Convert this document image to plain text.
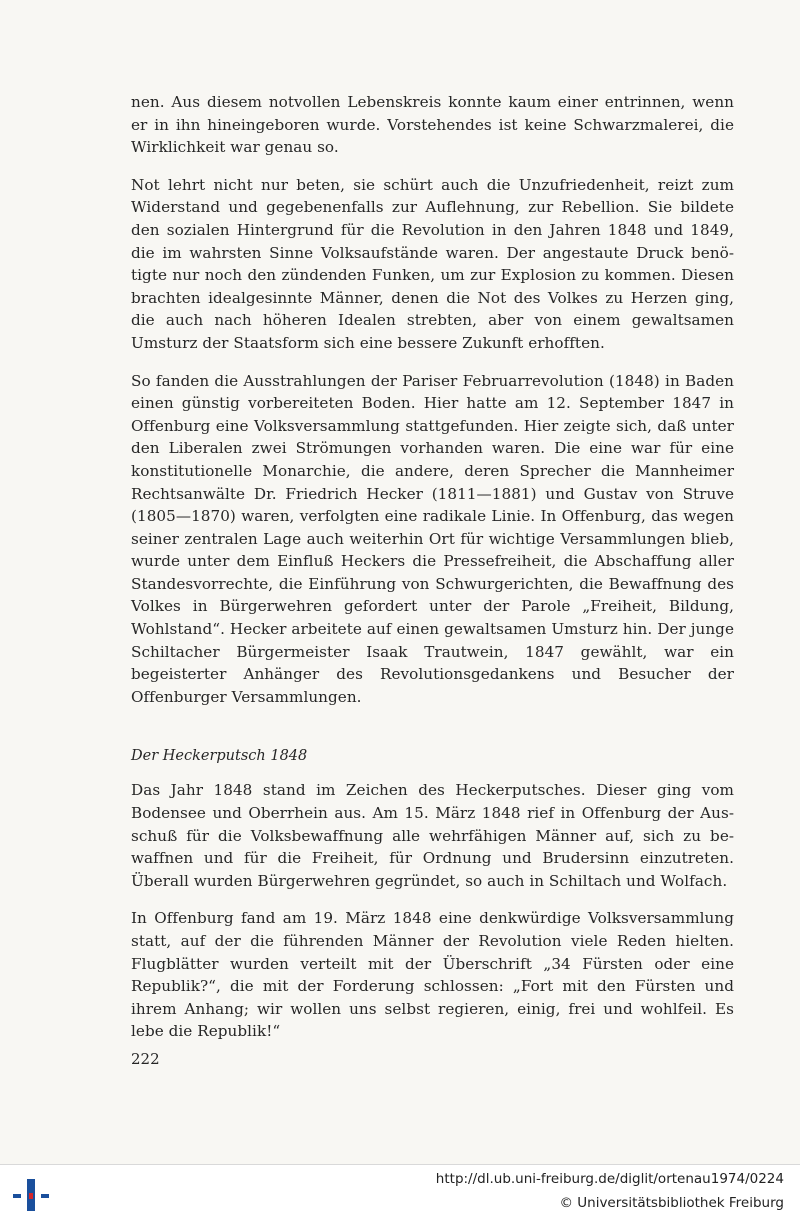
nen. Aus diesem notvollen Lebenskreis konnte kaum einer entrinnen, wenn er in ihn hineingeboren wurde. Vorstehendes ist keine Schwarzmalerei, die Wirklichkeit war genau so.

Not lehrt nicht nur beten, sie schürt auch die Unzufriedenheit, reizt zum Widerstand und gegebenenfalls zur Auflehnung, zur Rebellion. Sie bildete den sozialen Hintergrund für die Revolution in den Jahren 1848 und 1849, die im wahrsten Sinne Volksaufstände waren. Der angestaute Druck benötigte nur noch den zündenden Funken, um zur Explosion zu kommen. Diesen brachten idealgesinnte Männer, denen die Not des Volkes zu Herzen ging, die auch nach höheren Idealen strebten, aber von einem gewaltsamen Umsturz der Staatsform sich eine bessere Zukunft erhofften.

So fanden die Ausstrahlungen der Pariser Februarrevolution (1848) in Baden einen günstig vorbereiteten Boden. Hier hatte am 12. September 1847 in Offenburg eine Volksversammlung stattgefunden. Hier zeigte sich, daß unter den Liberalen zwei Strömungen vorhanden waren. Die eine war für eine konstitutionelle Monarchie, die andere, deren Sprecher die Mannheimer Rechtsanwälte Dr. Friedrich Hecker (1811—1881) und Gustav von Struve (1805—1870) waren, verfolgten eine radikale Linie. In Offenburg, das wegen seiner zentralen Lage auch weiterhin Ort für wichtige Versammlungen blieb, wurde unter dem Einfluß Heckers die Pressefreiheit, die Abschaffung aller Standesvorrechte, die Einführung von Schwurgerichten, die Bewaffnung des Volkes in Bürgerwehren gefordert unter der Parole „Freiheit, Bildung, Wohlstand“. Hecker arbeitete auf einen gewaltsamen Umsturz hin. Der junge Schiltacher Bürgermeister Isaak Trautwein, 1847 gewählt, war ein begeisterter Anhänger des Revolutionsgedankens und Besucher der Offenburger Versammlungen.

Der Heckerputsch 1848

Das Jahr 1848 stand im Zeichen des Heckerputsches. Dieser ging vom Bodensee und Oberrhein aus. Am 15. März 1848 rief in Offenburg der Ausschuß für die Volksbewaffnung alle wehrfähigen Männer auf, sich zu bewaffnen und für die Freiheit, für Ordnung und Brudersinn einzutreten. Überall wurden Bürgerwehren gegründet, so auch in Schiltach und Wolfach.

In Offenburg fand am 19. März 1848 eine denkwürdige Volksversammlung statt, auf der die führenden Männer der Revolution viele Reden hielten. Flugblätter wurden verteilt mit der Überschrift „34 Fürsten oder eine Republik?“, die mit der Forderung schlossen: „Fort mit den Fürsten und ihrem Anhang; wir wollen uns selbst regieren, einig, frei und wohlfeil. Es lebe die Republik!“

222
http://dl.ub.uni-freiburg.de/diglit/ortenau1974/0224
© Universitätsbibliothek Freiburg
